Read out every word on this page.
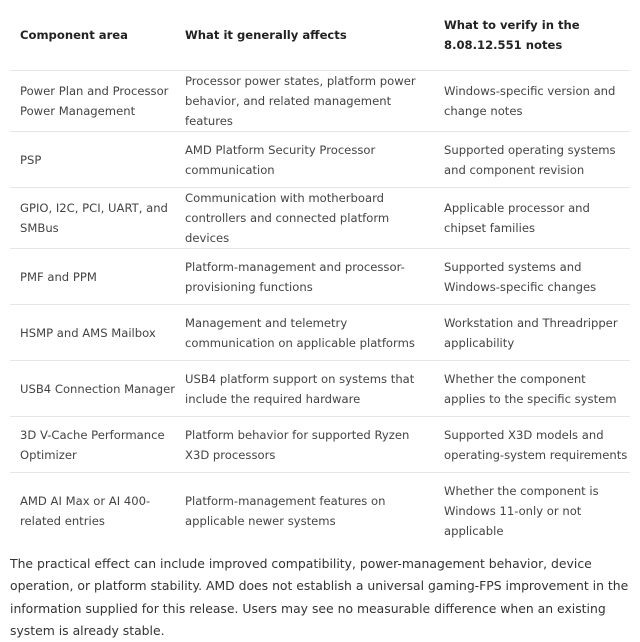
Component area	What it generally affects	What to verify in the 8.08.12.551 notes
Power Plan and Processor Power Management	Processor power states, platform power behavior, and related management features	Windows-specific version and change notes
PSP	AMD Platform Security Processor communication	Supported operating systems and component revision
GPIO, I2C, PCI, UART, and SMBus	Communication with motherboard controllers and connected platform devices	Applicable processor and chipset families
PMF and PPM	Platform-management and processor-provisioning functions	Supported systems and Windows-specific changes
HSMP and AMS Mailbox	Management and telemetry communication on applicable platforms	Workstation and Threadripper applicability
USB4 Connection Manager	USB4 platform support on systems that include the required hardware	Whether the component applies to the specific system
3D V-Cache Performance Optimizer	Platform behavior for supported Ryzen X3D processors	Supported X3D models and operating-system requirements
AMD AI Max or AI 400-related entries	Platform-management features on applicable newer systems	Whether the component is Windows 11-only or not applicable

The practical effect can include improved compatibility, power-management behavior, device operation, or platform stability. AMD does not establish a universal gaming-FPS improvement in the information supplied for this release. Users may see no measurable difference when an existing system is already stable.
